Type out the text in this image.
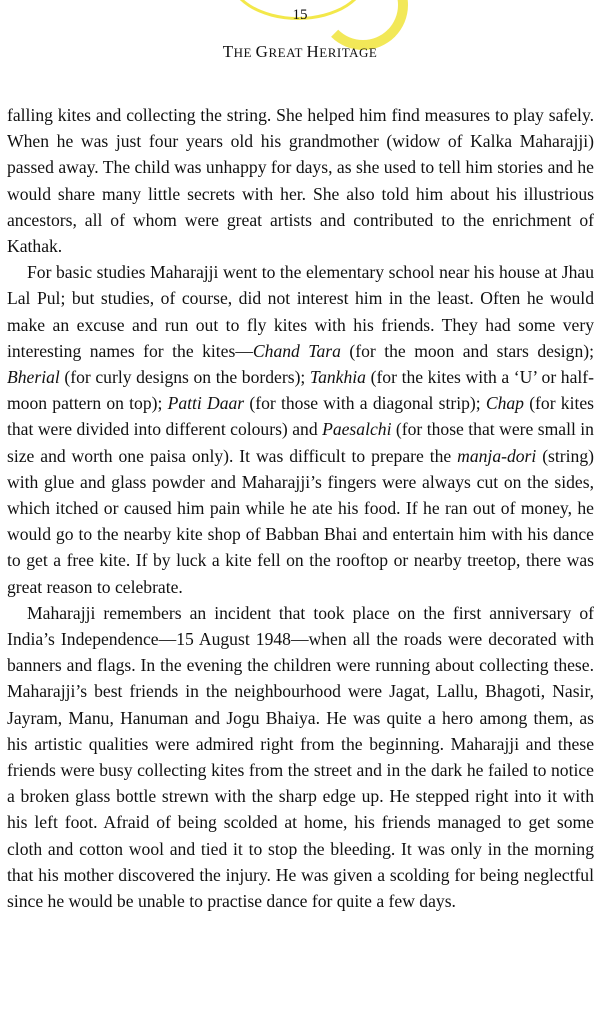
15
THE GREAT HERITAGE

falling kites and collecting the string. She helped him find measures to play safely. When he was just four years old his grandmother (widow of Kalka Maharajji) passed away. The child was unhappy for days, as she used to tell him stories and he would share many little secrets with her. She also told him about his illustrious ancestors, all of whom were great artists and contributed to the enrichment of Kathak.

For basic studies Maharajji went to the elementary school near his house at Jhau Lal Pul; but studies, of course, did not interest him in the least. Often he would make an excuse and run out to fly kites with his friends. They had some very interesting names for the kites—Chand Tara (for the moon and stars design); Bherial (for curly designs on the borders); Tankhia (for the kites with a ‘U’ or half-moon pattern on top); Patti Daar (for those with a diagonal strip); Chap (for kites that were divided into different colours) and Paesalchi (for those that were small in size and worth one paisa only). It was difficult to prepare the manja-dori (string) with glue and glass powder and Maharajji’s fingers were always cut on the sides, which itched or caused him pain while he ate his food. If he ran out of money, he would go to the nearby kite shop of Babban Bhai and entertain him with his dance to get a free kite. If by luck a kite fell on the rooftop or nearby treetop, there was great reason to celebrate.

Maharajji remembers an incident that took place on the first anniversary of India’s Independence—15 August 1948—when all the roads were decorated with banners and flags. In the evening the children were running about collecting these. Maharajji’s best friends in the neighbourhood were Jagat, Lallu, Bhagoti, Nasir, Jayram, Manu, Hanuman and Jogu Bhaiya. He was quite a hero among them, as his artistic qualities were admired right from the beginning. Maharajji and these friends were busy collecting kites from the street and in the dark he failed to notice a broken glass bottle strewn with the sharp edge up. He stepped right into it with his left foot. Afraid of being scolded at home, his friends managed to get some cloth and cotton wool and tied it to stop the bleeding. It was only in the morning that his mother discovered the injury. He was given a scolding for being neglectful since he would be unable to practise dance for quite a few days.
